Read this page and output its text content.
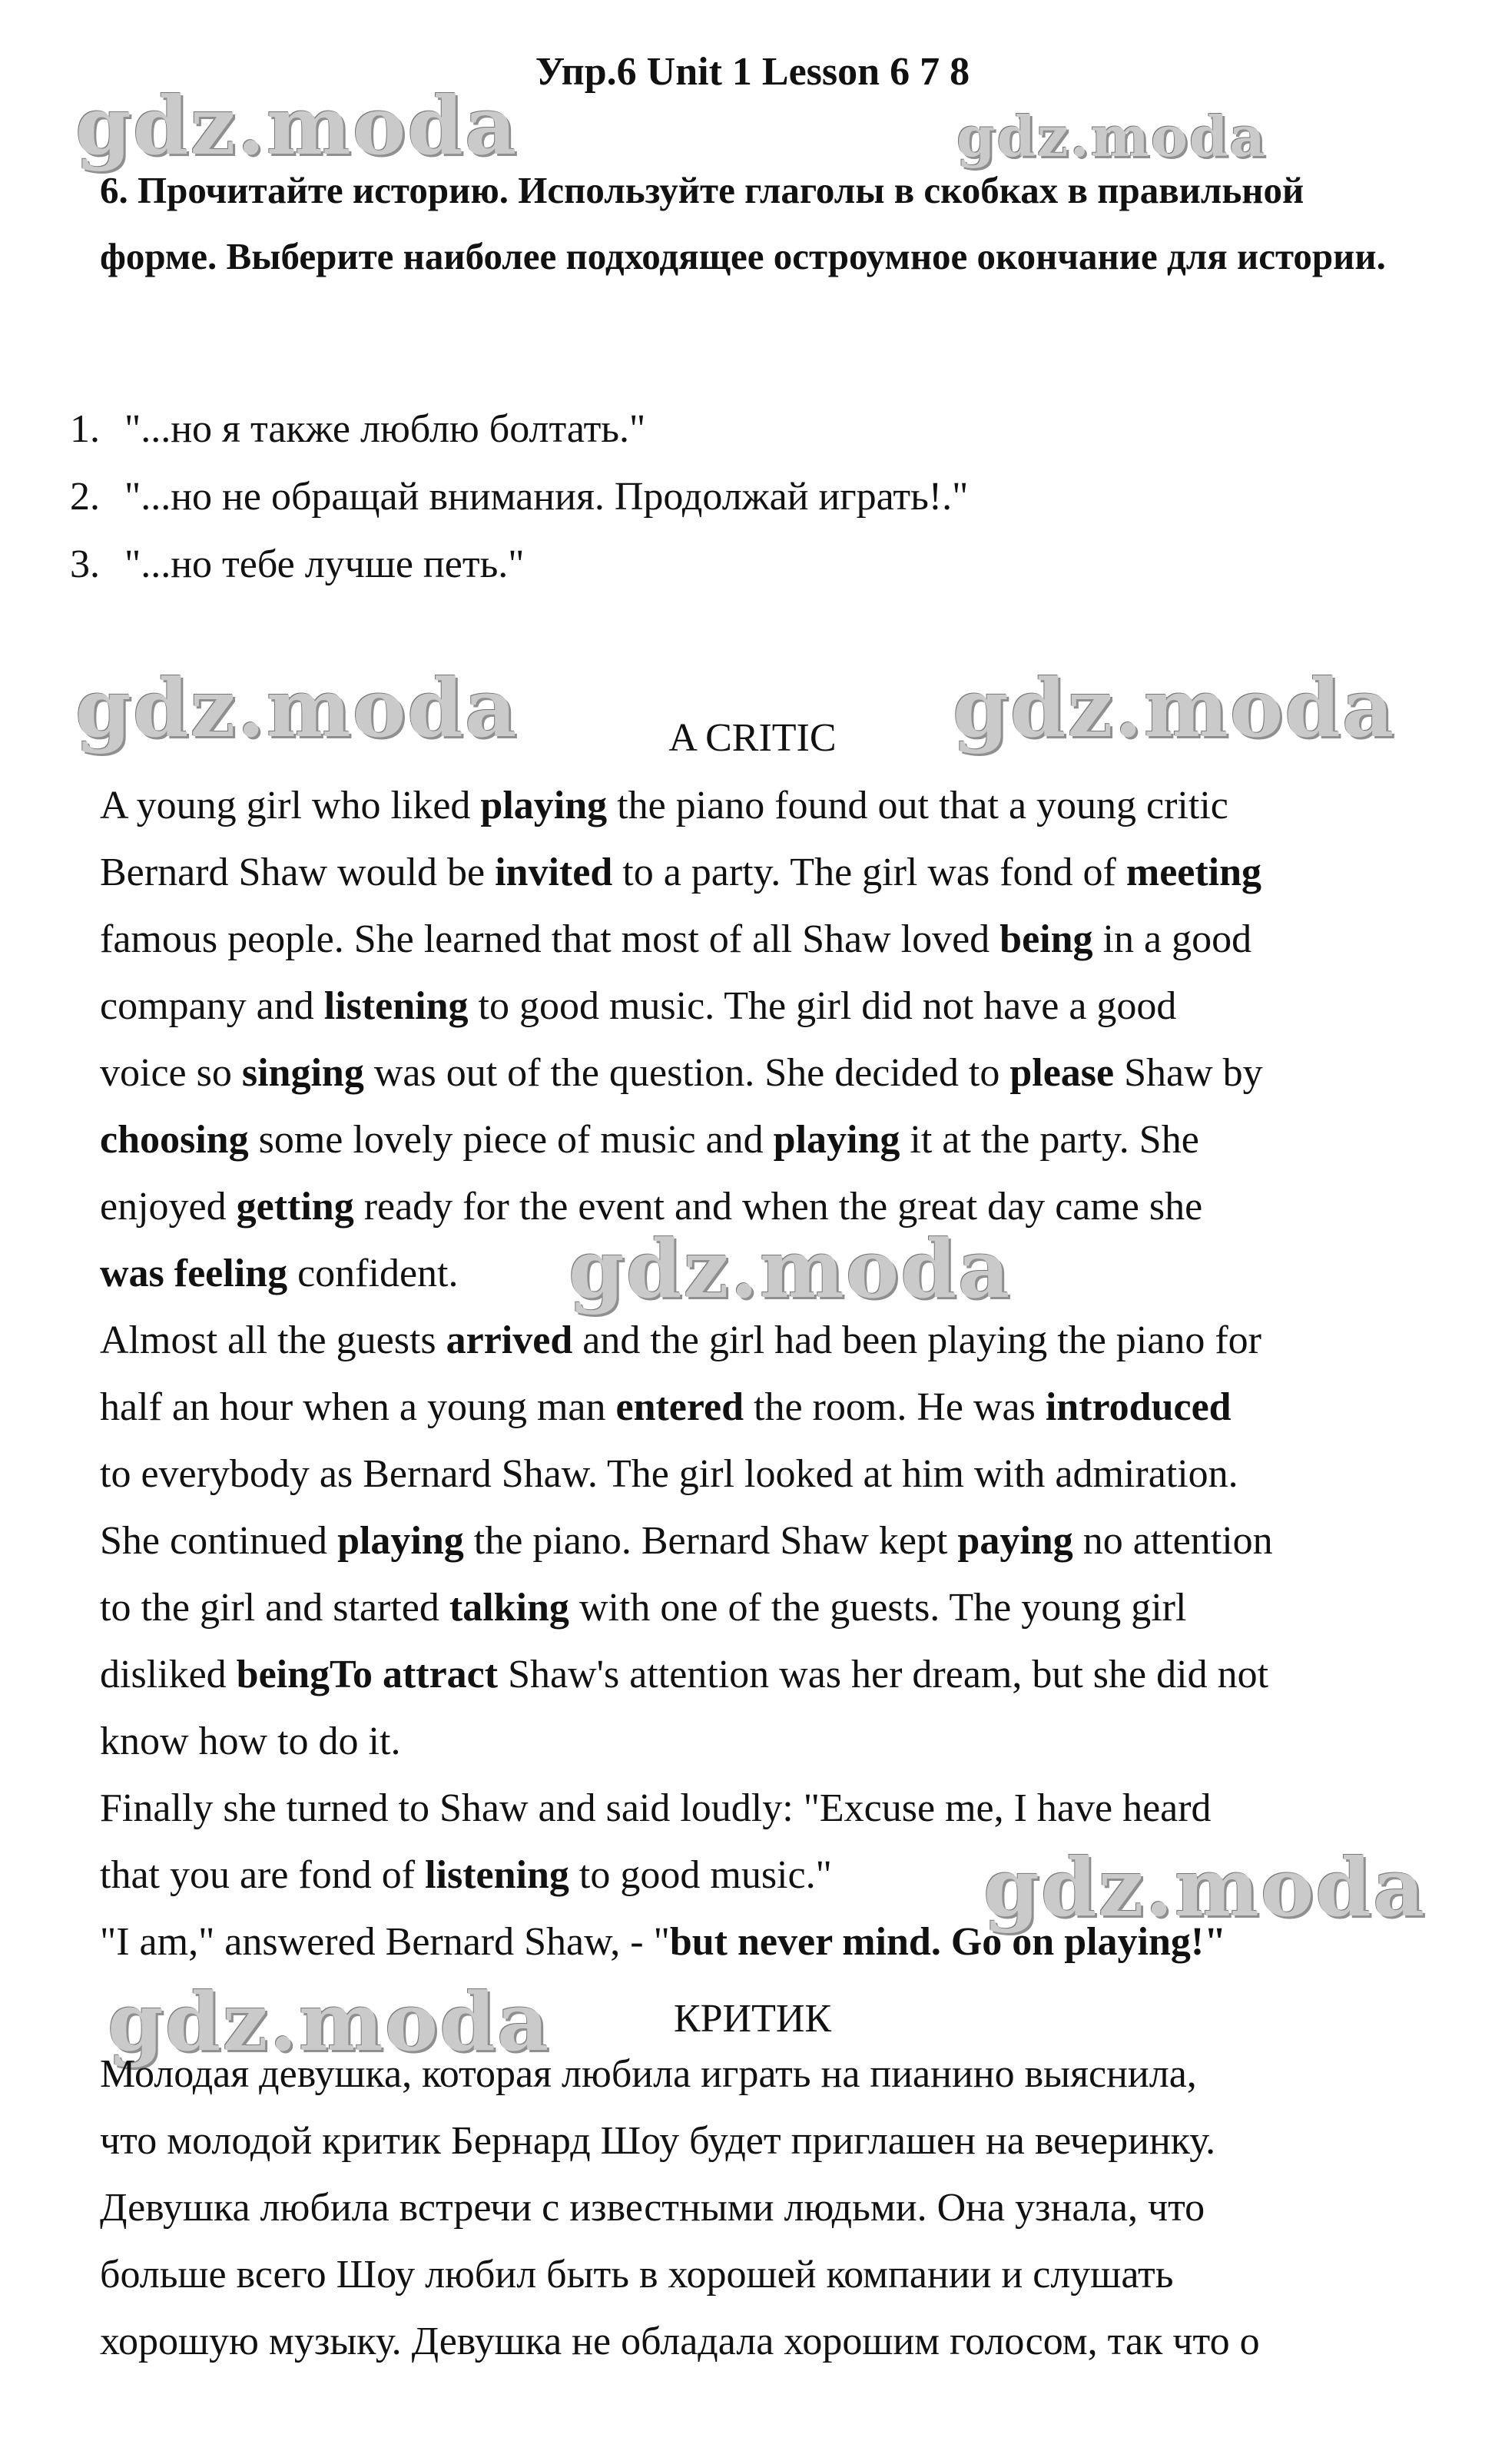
gdz.moda	gdz.moda
gdz.moda	gdz.moda
gdz.moda
gdz.moda
gdz.moda
Упр.6 Unit 1 Lesson 6 7 8
6. Прочитайте историю. Используйте глаголы в скобках в правильной форме. Выберите наиболее подходящее остроумное окончание для истории.
1. "...но я также люблю болтать."
2. "...но не обращай внимания. Продолжай играть!."
3. "...но тебе лучше петь."
A CRITIC
A young girl who liked playing the piano found out that a young critic
Bernard Shaw would be invited to a party. The girl was fond of meeting
famous people. She learned that most of all Shaw loved being in a good
company and listening to good music. The girl did not have a good
voice so singing was out of the question. She decided to please Shaw by
choosing some lovely piece of music and playing it at the party. She
enjoyed getting ready for the event and when the great day came she
was feeling confident.
Almost all the guests arrived and the girl had been playing the piano for
half an hour when a young man entered the room. He was introduced
to everybody as Bernard Shaw. The girl looked at him with admiration.
She continued playing the piano. Bernard Shaw kept paying no attention
to the girl and started talking with one of the guests. The young girl
disliked beingTo attract Shaw's attention was her dream, but she did not
know how to do it.
Finally she turned to Shaw and said loudly: "Excuse me, I have heard
that you are fond of listening to good music."
"I am," answered Bernard Shaw, - "but never mind. Go on playing!"
КРИТИК
Молодая девушка, которая любила играть на пианино выяснила,
что молодой критик Бернард Шоу будет приглашен на вечеринку.
Девушка любила встречи с известными людьми. Она узнала, что
больше всего Шоу любил быть в хорошей компании и слушать
хорошую музыку. Девушка не обладала хорошим голосом, так что о
